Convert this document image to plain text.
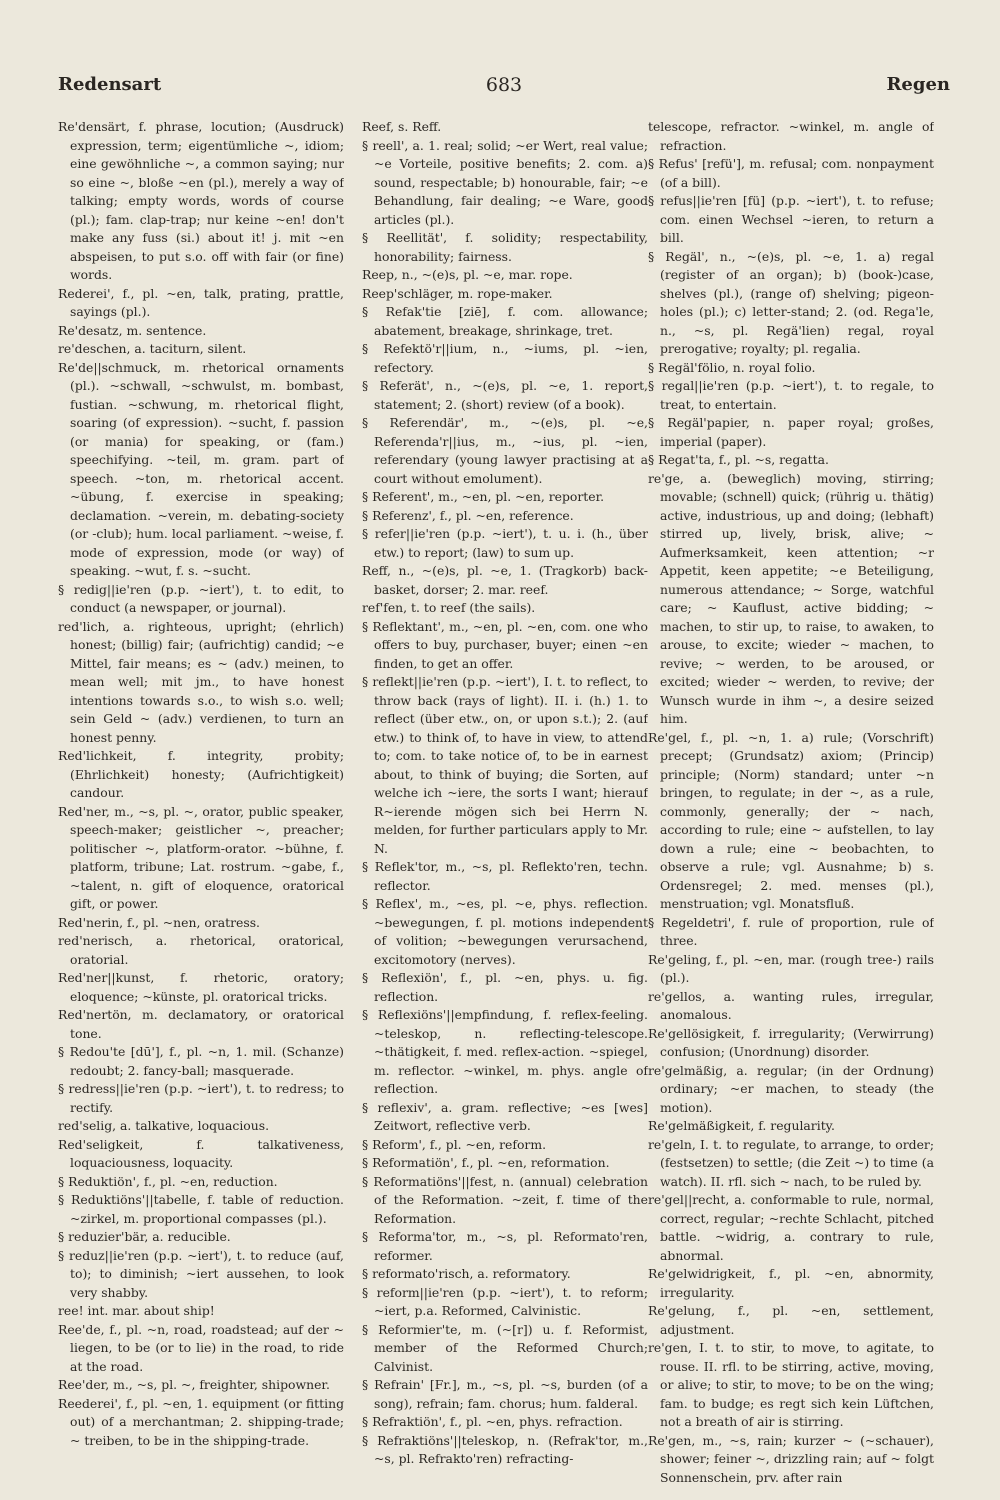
Redensart	683	Regen

Re'densärt, f. phrase, locution; (Ausdruck) expression, term; eigentümliche ~, idiom; eine gewöhnliche ~, a common saying; nur so eine ~, bloße ~en (pl.), merely a way of talking; empty words, words of course (pl.); fam. clap-trap; nur keine ~en! don't make any fuss (si.) about it! j. mit ~en abspeisen, to put s.o. off with fair (or fine) words.

Rederei', f., pl. ~en, talk, prating, prattle, sayings (pl.).

Re'desatz, m. sentence.

re'deschen, a. taciturn, silent.

Re'de||schmuck, m. rhetorical ornaments (pl.). ~schwall, ~schwulst, m. bombast, fustian. ~schwung, m. rhetorical flight, soaring (of expression). ~sucht, f. passion (or mania) for speaking, or (fam.) speechifying. ~teil, m. gram. part of speech. ~ton, m. rhetorical accent. ~übung, f. exercise in speaking; declamation. ~verein, m. debating-society (or -club); hum. local parliament. ~weise, f. mode of expression, mode (or way) of speaking. ~wut, f. s. ~sucht.

§ redig||ie'ren (p.p. ~iert'), t. to edit, to conduct (a newspaper, or journal).

red'lich, a. righteous, upright; (ehrlich) honest; (billig) fair; (aufrichtig) candid; ~e Mittel, fair means; es ~ (adv.) meinen, to mean well; mit jm., to have honest intentions towards s.o., to wish s.o. well; sein Geld ~ (adv.) verdienen, to turn an honest penny.

Red'lichkeit, f. integrity, probity; (Ehrlichkeit) honesty; (Aufrichtigkeit) candour.

Red'ner, m., ~s, pl. ~, orator, public speaker, speech-maker; geistlicher ~, preacher; politischer ~, platform-orator. ~bühne, f. platform, tribune; Lat. rostrum. ~gabe, f., ~talent, n. gift of eloquence, oratorical gift, or power.

Red'nerin, f., pl. ~nen, oratress.

red'nerisch, a. rhetorical, oratorical, oratorial.

Red'ner||kunst, f. rhetoric, oratory; eloquence; ~künste, pl. oratorical tricks.

Red'nertön, m. declamatory, or oratorical tone.

§ Redou'te [dū'], f., pl. ~n, 1. mil. (Schanze) redoubt; 2. fancy-ball; masquerade.

§ redress||ie'ren (p.p. ~iert'), t. to redress; to rectify.

red'selig, a. talkative, loquacious.

Red'seligkeit, f. talkativeness, loquaciousness, loquacity.

§ Reduktiön', f., pl. ~en, reduction.

§ Reduktiöns'||tabelle, f. table of reduction. ~zirkel, m. proportional compasses (pl.).

§ reduzier'bär, a. reducible.

§ reduz||ie'ren (p.p. ~iert'), t. to reduce (auf, to); to diminish; ~iert aussehen, to look very shabby.

ree! int. mar. about ship!

Ree'de, f., pl. ~n, road, roadstead; auf der ~ liegen, to be (or to lie) in the road, to ride at the road.

Ree'der, m., ~s, pl. ~, freighter, shipowner.

Reederei', f., pl. ~en, 1. equipment (or fitting out) of a merchantman; 2. shipping-trade; ~ treiben, to be in the shipping-trade.

Reef, s. Reff.

§ reell', a. 1. real; solid; ~er Wert, real value; ~e Vorteile, positive benefits; 2. com. a) sound, respectable; b) honourable, fair; ~e Behandlung, fair dealing; ~e Ware, good articles (pl.).

§ Reellität', f. solidity; respectability, honorability; fairness.

Reep, n., ~(e)s, pl. ~e, mar. rope.

Reep'schläger, m. rope-maker.

§ Refak'tie [ziē], f. com. allowance; abatement, breakage, shrinkage, tret.

§ Refektö'r||ium, n., ~iums, pl. ~ien, refectory.

§ Referät', n., ~(e)s, pl. ~e, 1. report, statement; 2. (short) review (of a book).

§ Referendär', m., ~(e)s, pl. ~e, Referenda'r||ius, m., ~ius, pl. ~ien, referendary (young lawyer practising at a court without emolument).

§ Referent', m., ~en, pl. ~en, reporter.

§ Referenz', f., pl. ~en, reference.

§ refer||ie'ren (p.p. ~iert'), t. u. i. (h., über etw.) to report; (law) to sum up.

Reff, n., ~(e)s, pl. ~e, 1. (Tragkorb) back-basket, dorser; 2. mar. reef.

ref'fen, t. to reef (the sails).

§ Reflektant', m., ~en, pl. ~en, com. one who offers to buy, purchaser, buyer; einen ~en finden, to get an offer.

§ reflekt||ie'ren (p.p. ~iert'), I. t. to reflect, to throw back (rays of light). II. i. (h.) 1. to reflect (über etw., on, or upon s.t.); 2. (auf etw.) to think of, to have in view, to attend to; com. to take notice of, to be in earnest about, to think of buying; die Sorten, auf welche ich ~iere, the sorts I want; hierauf R~ierende mögen sich bei Herrn N. melden, for further particulars apply to Mr. N.

§ Reflek'tor, m., ~s, pl. Reflekto'ren, techn. reflector.

§ Reflex', m., ~es, pl. ~e, phys. reflection. ~bewegungen, f. pl. motions independent of volition; ~bewegungen verursachend, excitomotory (nerves).

§ Reflexiön', f., pl. ~en, phys. u. fig. reflection.

§ Reflexiöns'||empfindung, f. reflex-feeling. ~teleskop, n. reflecting-telescope. ~thätigkeit, f. med. reflex-action. ~spiegel, m. reflector. ~winkel, m. phys. angle of reflection.

§ reflexiv', a. gram. reflective; ~es [wes] Zeitwort, reflective verb.

§ Reform', f., pl. ~en, reform.

§ Reformatiön', f., pl. ~en, reformation.

§ Reformatiöns'||fest, n. (annual) celebration of the Reformation. ~zeit, f. time of the Reformation.

§ Reforma'tor, m., ~s, pl. Reformato'ren, reformer.

§ reformato'risch, a. reformatory.

§ reform||ie'ren (p.p. ~iert'), t. to reform; ~iert, p.a. Reformed, Calvinistic.

§ Reformier'te, m. (~[r]) u. f. Reformist, member of the Reformed Church; Calvinist.

§ Refrain' [Fr.], m., ~s, pl. ~s, burden (of a song), refrain; fam. chorus; hum. falderal.

§ Refraktiön', f., pl. ~en, phys. refraction.

§ Refraktiöns'||teleskop, n. (Refrak'tor, m., ~s, pl. Refrakto'ren) refracting-

telescope, refractor. ~winkel, m. angle of refraction.

§ Refus' [refü'], m. refusal; com. nonpayment (of a bill).

§ refus||ie'ren [fü] (p.p. ~iert'), t. to refuse; com. einen Wechsel ~ieren, to return a bill.

§ Regäl', n., ~(e)s, pl. ~e, 1. a) regal (register of an organ); b) (book-)case, shelves (pl.), (range of) shelving; pigeon-holes (pl.); c) letter-stand; 2. (od. Rega'le, n., ~s, pl. Regä'lien) regal, royal prerogative; royalty; pl. regalia.

§ Regäl'fölio, n. royal folio.

§ regal||ie'ren (p.p. ~iert'), t. to regale, to treat, to entertain.

§ Regäl'papier, n. paper royal; großes, imperial (paper).

§ Regat'ta, f., pl. ~s, regatta.

re'ge, a. (beweglich) moving, stirring; movable; (schnell) quick; (rührig u. thätig) active, industrious, up and doing; (lebhaft) stirred up, lively, brisk, alive; ~ Aufmerksamkeit, keen attention; ~r Appetit, keen appetite; ~e Beteiligung, numerous attendance; ~ Sorge, watchful care; ~ Kauflust, active bidding; ~ machen, to stir up, to raise, to awaken, to arouse, to excite; wieder ~ machen, to revive; ~ werden, to be aroused, or excited; wieder ~ werden, to revive; der Wunsch wurde in ihm ~, a desire seized him.

Re'gel, f., pl. ~n, 1. a) rule; (Vorschrift) precept; (Grundsatz) axiom; (Princip) principle; (Norm) standard; unter ~n bringen, to regulate; in der ~, as a rule, commonly, generally; der ~ nach, according to rule; eine ~ aufstellen, to lay down a rule; eine ~ beobachten, to observe a rule; vgl. Ausnahme; b) s. Ordensregel; 2. med. menses (pl.), menstruation; vgl. Monatsfluß.

§ Regeldetri', f. rule of proportion, rule of three.

Re'geling, f., pl. ~en, mar. (rough tree-) rails (pl.).

re'gellos, a. wanting rules, irregular, anomalous.

Re'gellösigkeit, f. irregularity; (Verwirrung) confusion; (Unordnung) disorder.

re'gelmäßig, a. regular; (in der Ordnung) ordinary; ~er machen, to steady (the motion).

Re'gelmäßigkeit, f. regularity.

re'geln, I. t. to regulate, to arrange, to order; (festsetzen) to settle; (die Zeit ~) to time (a watch). II. rfl. sich ~ nach, to be ruled by.

re'gel||recht, a. conformable to rule, normal, correct, regular; ~rechte Schlacht, pitched battle. ~widrig, a. contrary to rule, abnormal.

Re'gelwidrigkeit, f., pl. ~en, abnormity, irregularity.

Re'gelung, f., pl. ~en, settlement, adjustment.

re'gen, I. t. to stir, to move, to agitate, to rouse. II. rfl. to be stirring, active, moving, or alive; to stir, to move; to be on the wing; fam. to budge; es regt sich kein Lüftchen, not a breath of air is stirring.

Re'gen, m., ~s, rain; kurzer ~ (~schauer), shower; feiner ~, drizzling rain; auf ~ folgt Sonnenschein, prv. after rain
